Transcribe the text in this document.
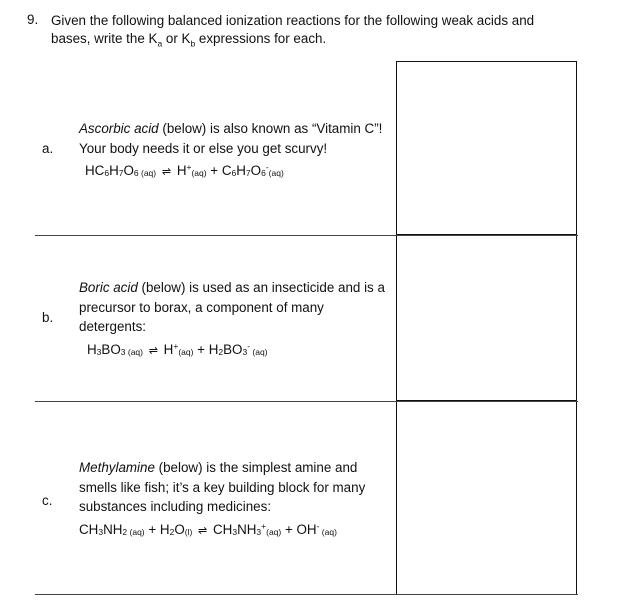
9. Given the following balanced ionization reactions for the following weak acids and
bases, write the $K_a$ or $K_b$ expressions for each.
a.
Ascorbic acid (below) is also known as “Vitamin C”! Your body needs it or else you get scurvy!
$HC_6H_7O_6$ $_{(aq)}$ ⇌ $H^+_{(aq)} + C_6H_7O_6^-_{(aq)}$
b.
Boric acid (below) is used as an insecticide and is a precursor to borax, a component of many detergents:
$H_3BO_3$ $_{(aq)}$ ⇌ $H^+_{(aq)} + H_2BO_3^-$ $_{(aq)}$
c.
Methylamine (below) is the simplest amine and smells like fish; it’s a key building block for many substances including medicines:
$CH_3NH_2$ $_{(aq)} + H_2O_{(l)}$ ⇌ $CH_3NH_3^+_{(aq)} + OH^-$ $_{(aq)}$
